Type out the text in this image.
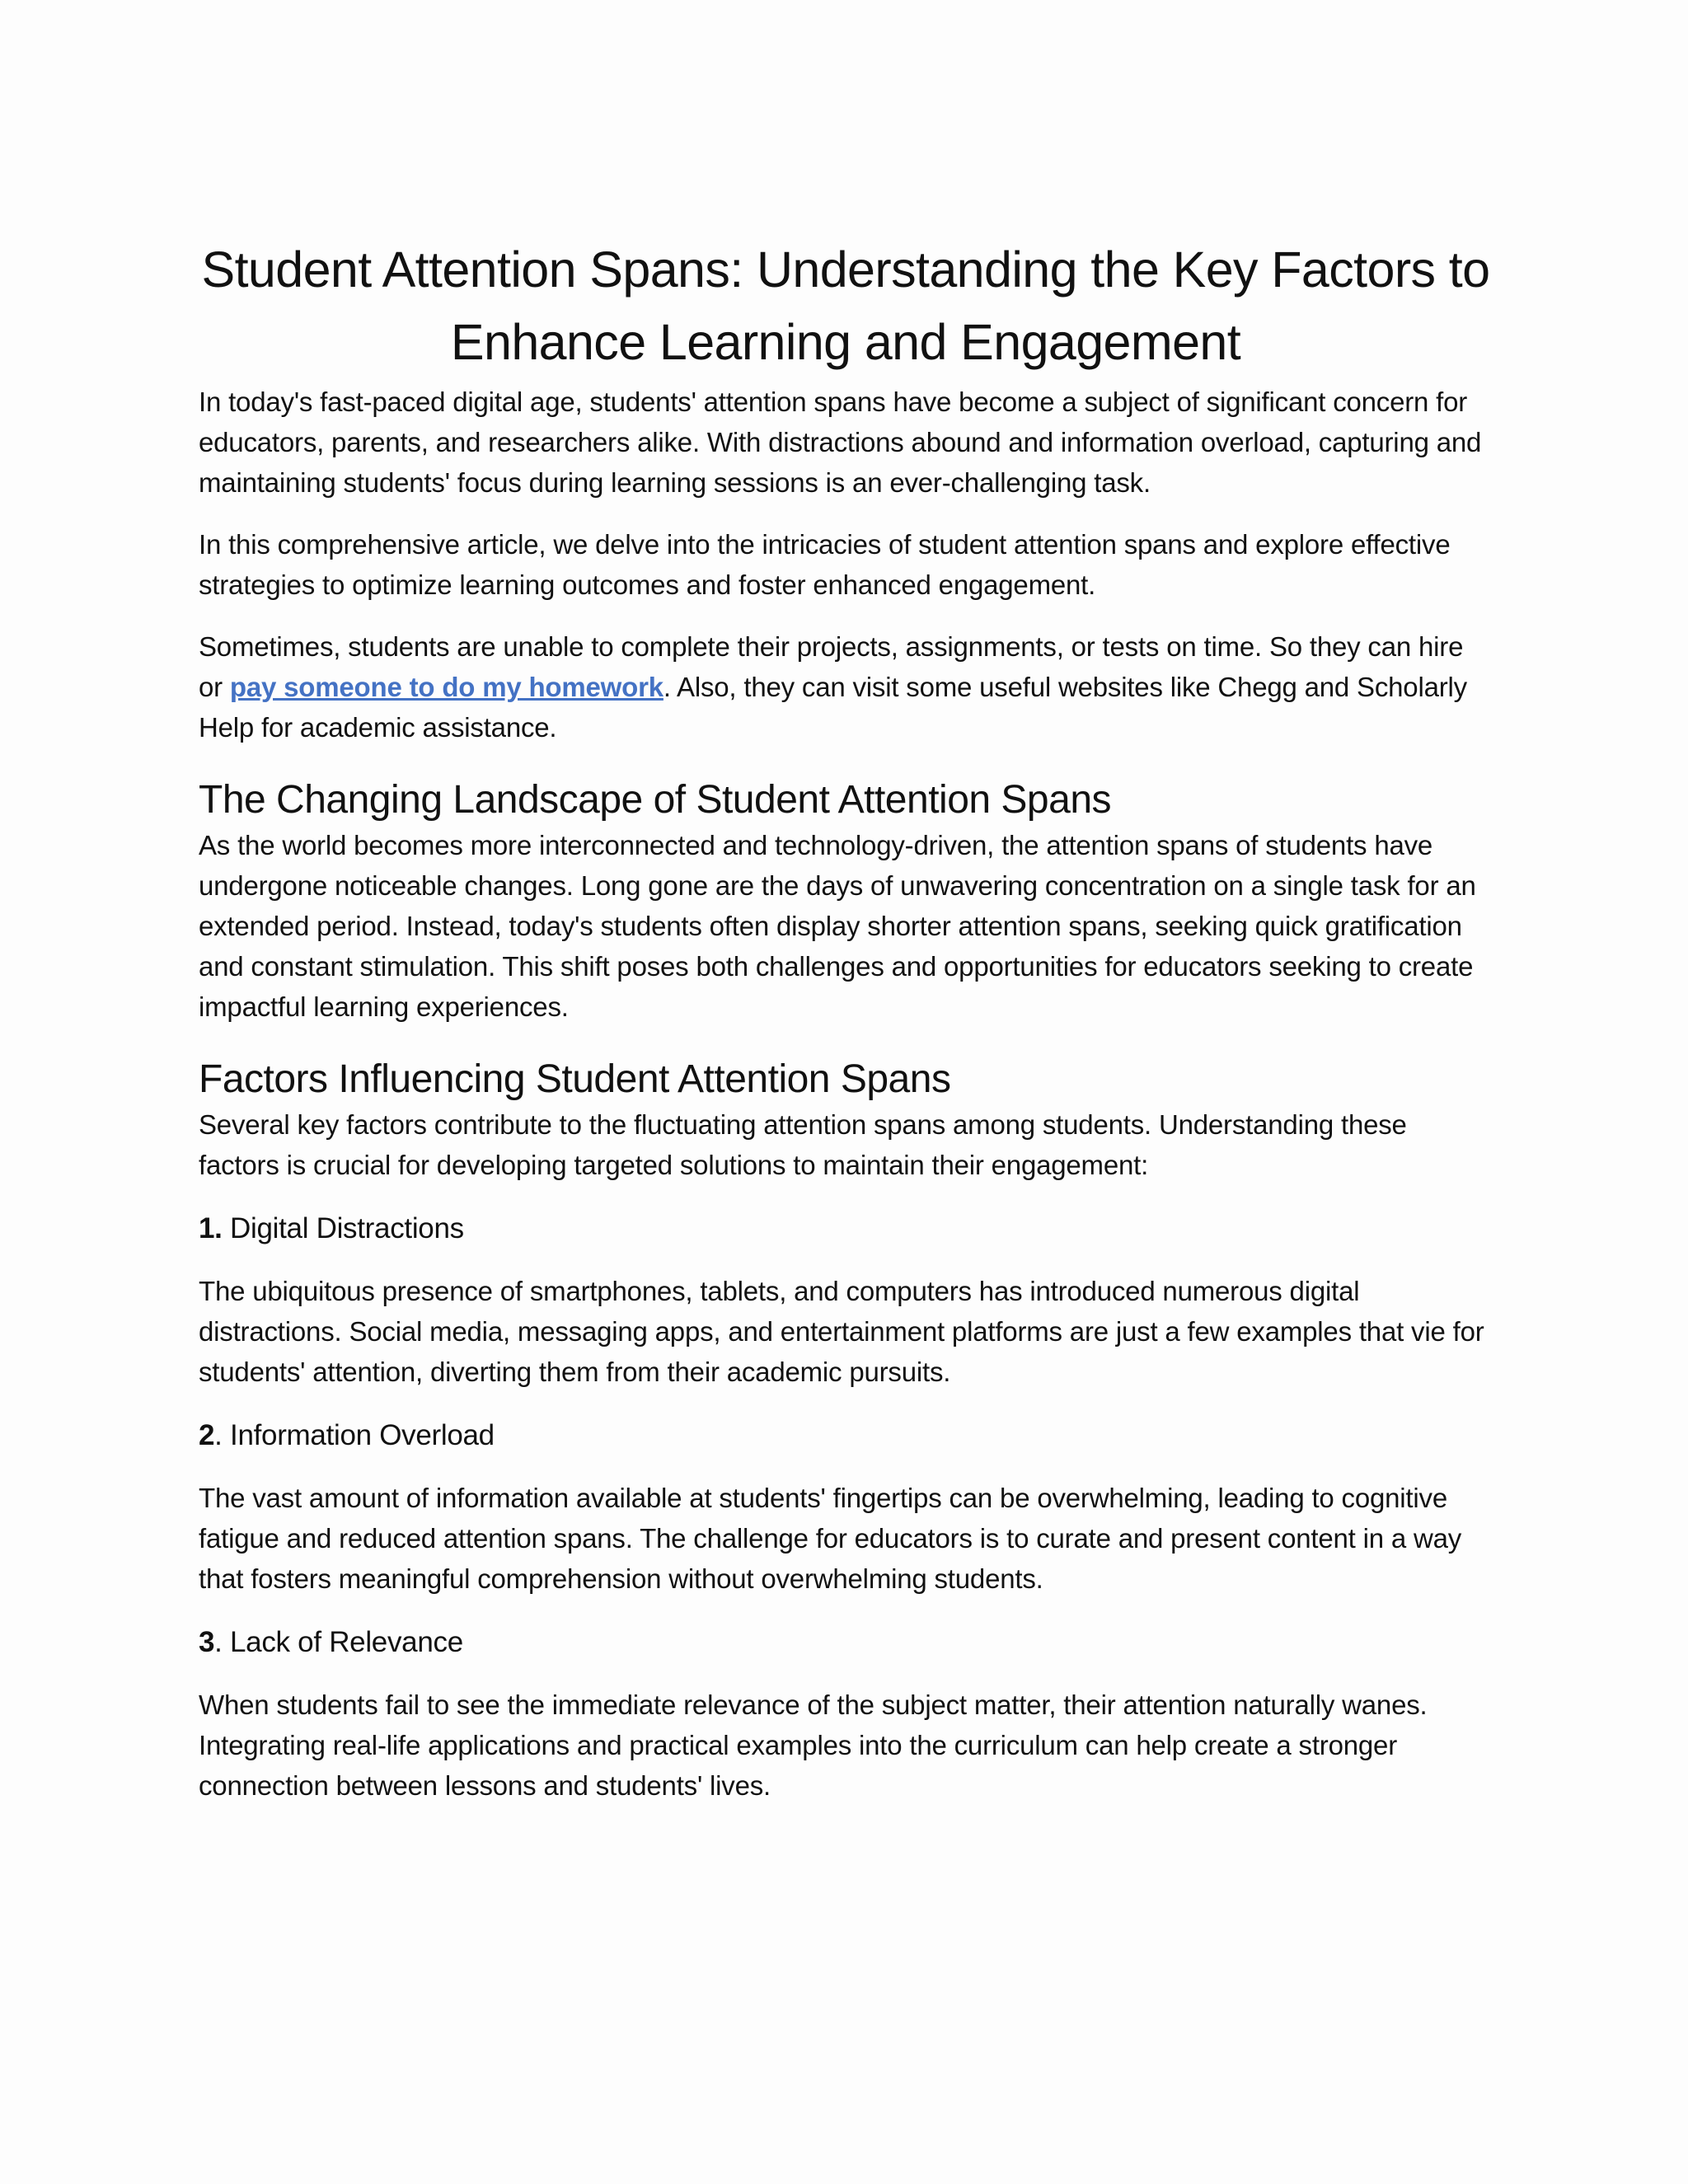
Student Attention Spans: Understanding the Key Factors to
Enhance Learning and Engagement

In today's fast-paced digital age, students' attention spans have become a subject of significant concern for educators, parents, and researchers alike. With distractions abound and information overload, capturing and maintaining students' focus during learning sessions is an ever-challenging task.

In this comprehensive article, we delve into the intricacies of student attention spans and explore effective strategies to optimize learning outcomes and foster enhanced engagement.

Sometimes, students are unable to complete their projects, assignments, or tests on time. So they can hire or pay someone to do my homework. Also, they can visit some useful websites like Chegg and Scholarly Help for academic assistance.

The Changing Landscape of Student Attention Spans

As the world becomes more interconnected and technology-driven, the attention spans of students have undergone noticeable changes. Long gone are the days of unwavering concentration on a single task for an extended period. Instead, today's students often display shorter attention spans, seeking quick gratification and constant stimulation. This shift poses both challenges and opportunities for educators seeking to create impactful learning experiences.

Factors Influencing Student Attention Spans

Several key factors contribute to the fluctuating attention spans among students. Understanding these factors is crucial for developing targeted solutions to maintain their engagement:

1. Digital Distractions

The ubiquitous presence of smartphones, tablets, and computers has introduced numerous digital distractions. Social media, messaging apps, and entertainment platforms are just a few examples that vie for students' attention, diverting them from their academic pursuits.

2. Information Overload

The vast amount of information available at students' fingertips can be overwhelming, leading to cognitive fatigue and reduced attention spans. The challenge for educators is to curate and present content in a way that fosters meaningful comprehension without overwhelming students.

3. Lack of Relevance

When students fail to see the immediate relevance of the subject matter, their attention naturally wanes. Integrating real-life applications and practical examples into the curriculum can help create a stronger connection between lessons and students' lives.
